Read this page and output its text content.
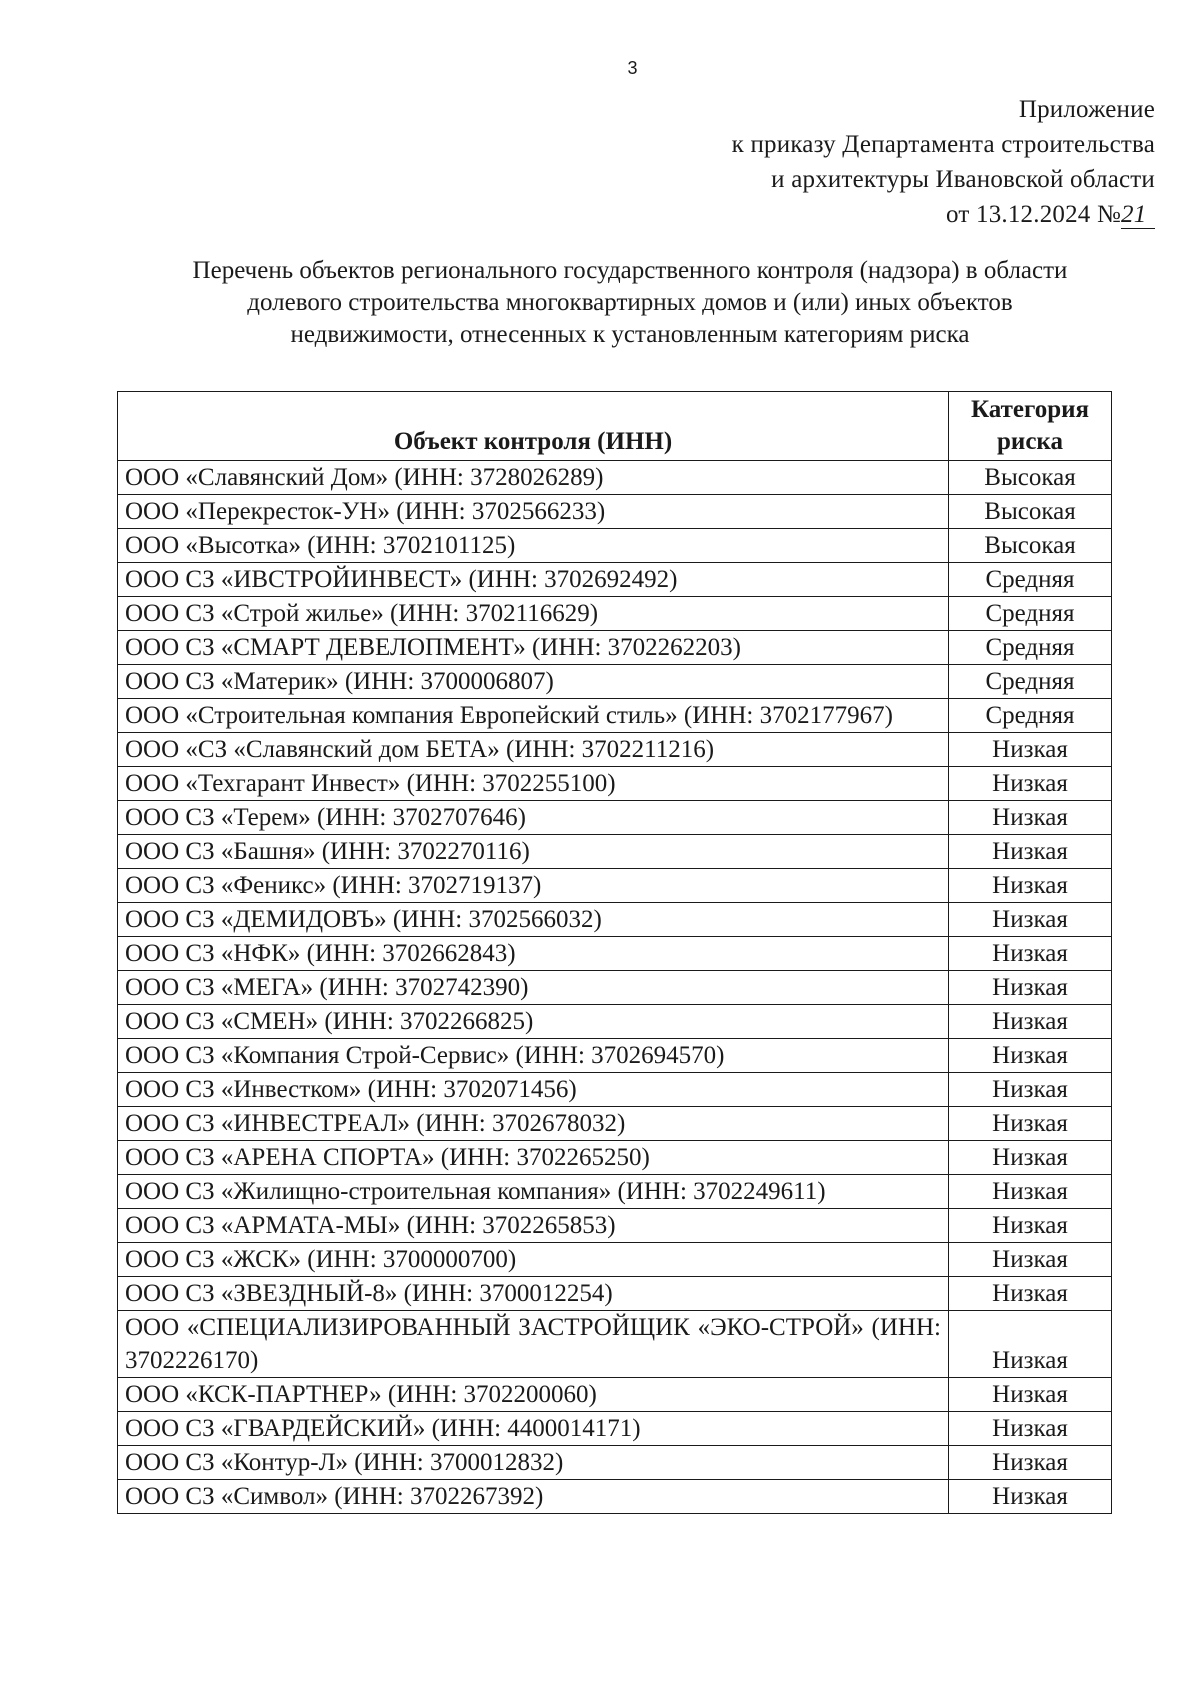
3
Приложение
к приказу Департамента строительства
и архитектуры Ивановской области
от 13.12.2024 №21
Перечень объектов регионального государственного контроля (надзора) в области
долевого строительства многоквартирных домов и (или) иных объектов
недвижимости, отнесенных к установленным категориям риска
Объект контроля (ИНН)	Категория риска
ООО «Славянский Дом» (ИНН: 3728026289)	Высокая
ООО «Перекресток-УН» (ИНН: 3702566233)	Высокая
ООО «Высотка» (ИНН: 3702101125)	Высокая
ООО СЗ «ИВСТРОЙИНВЕСТ» (ИНН: 3702692492)	Средняя
ООО СЗ «Строй жилье» (ИНН: 3702116629)	Средняя
ООО СЗ «СМАРТ ДЕВЕЛОПМЕНТ» (ИНН: 3702262203)	Средняя
ООО СЗ «Материк» (ИНН: 3700006807)	Средняя
ООО «Строительная компания Европейский стиль» (ИНН: 3702177967)	Средняя
ООО «СЗ «Славянский дом БЕТА» (ИНН: 3702211216)	Низкая
ООО «Техгарант Инвест» (ИНН: 3702255100)	Низкая
ООО СЗ «Терем» (ИНН: 3702707646)	Низкая
ООО СЗ «Башня» (ИНН: 3702270116)	Низкая
ООО СЗ «Феникс» (ИНН: 3702719137)	Низкая
ООО СЗ «ДЕМИДОВЪ» (ИНН: 3702566032)	Низкая
ООО СЗ «НФК» (ИНН: 3702662843)	Низкая
ООО СЗ «МЕГА» (ИНН: 3702742390)	Низкая
ООО СЗ «СМЕН» (ИНН: 3702266825)	Низкая
ООО СЗ «Компания Строй-Сервис» (ИНН: 3702694570)	Низкая
ООО СЗ «Инвестком» (ИНН: 3702071456)	Низкая
ООО СЗ «ИНВЕСТРЕАЛ» (ИНН: 3702678032)	Низкая
ООО СЗ «АРЕНА СПОРТА» (ИНН: 3702265250)	Низкая
ООО СЗ «Жилищно-строительная компания» (ИНН: 3702249611)	Низкая
ООО СЗ «АРМАТА-МЫ» (ИНН: 3702265853)	Низкая
ООО СЗ «ЖСК» (ИНН: 3700000700)	Низкая
ООО СЗ «ЗВЕЗДНЫЙ-8» (ИНН: 3700012254)	Низкая
ООО «СПЕЦИАЛИЗИРОВАННЫЙ ЗАСТРОЙЩИК «ЭКО-СТРОЙ» (ИНН: 3702226170)	Низкая
ООО «КСК-ПАРТНЕР» (ИНН: 3702200060)	Низкая
ООО СЗ «ГВАРДЕЙСКИЙ» (ИНН: 4400014171)	Низкая
ООО СЗ «Контур-Л» (ИНН: 3700012832)	Низкая
ООО СЗ «Символ» (ИНН: 3702267392)	Низкая
